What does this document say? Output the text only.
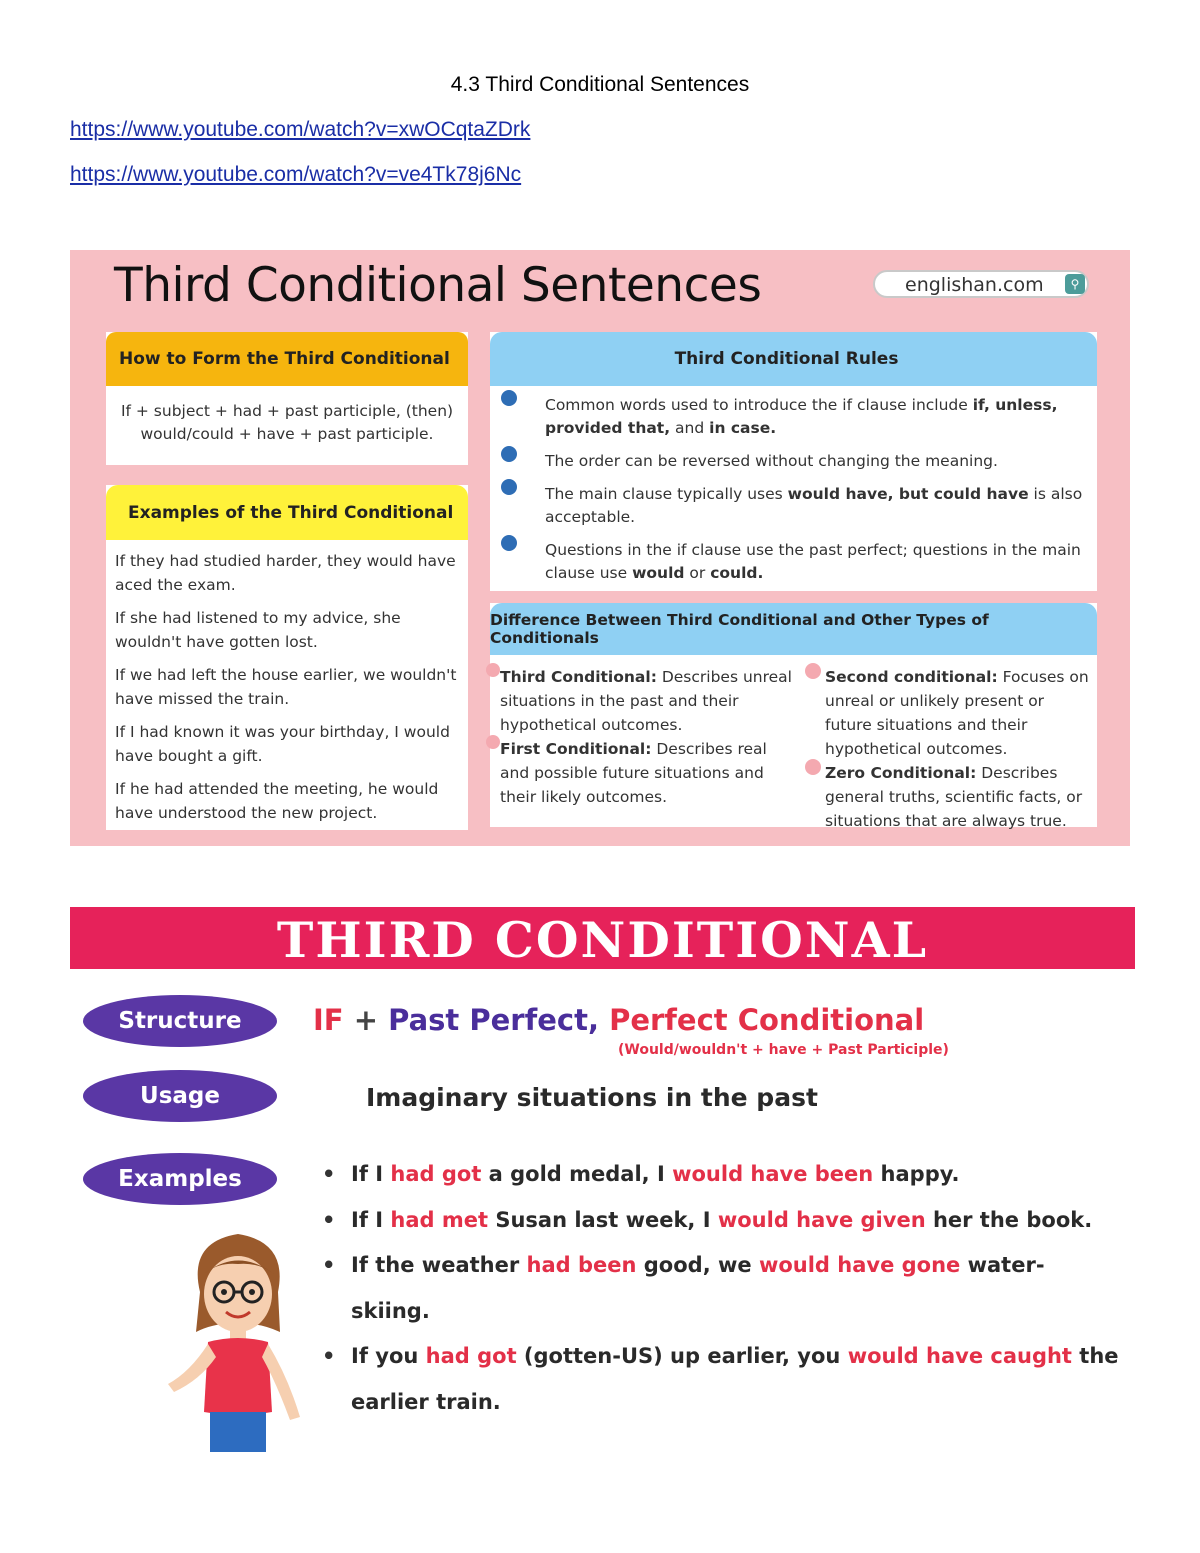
4.3 Third Conditional Sentences
https://www.youtube.com/watch?v=xwOCqtaZDrk
https://www.youtube.com/watch?v=ve4Tk78j6Nc
Third Conditional Sentences	englishan.com	⚲
How to Form the Third Conditional
If + subject + had + past participle, (then)
would/could + have + past participle.
Examples of the Third Conditional
If they had studied harder, they would have aced the exam.
If she had listened to my advice, she wouldn't have gotten lost.
If we had left the house earlier, we wouldn't have missed the train.
If I had known it was your birthday, I would have bought a gift.
If he had attended the meeting, he would have understood the new project.
Third Conditional Rules
Common words used to introduce the if clause include if, unless, provided that, and in case.
The order can be reversed without changing the meaning.
The main clause typically uses would have, but could have is also acceptable.
Questions in the if clause use the past perfect; questions in the main clause use would or could.
Difference Between Third Conditional and Other Types of Conditionals
Third Conditional: Describes unreal situations in the past and their hypothetical outcomes.
First Conditional: Describes real and possible future situations and their likely outcomes.
Second conditional: Focuses on unreal or unlikely present or future situations and their hypothetical outcomes.
Zero Conditional: Describes general truths, scientific facts, or situations that are always true.
THIRD CONDITIONAL
Structure
Usage
Examples
IF + Past Perfect, Perfect Conditional
(Would/wouldn't + have + Past Participle)
Imaginary situations in the past
• If I had got a gold medal, I would have been happy.
• If I had met Susan last week, I would have given her the book.
• If the weather had been good, we would have gone water-skiing.
• If you had got (gotten-US) up earlier, you would have caught the earlier train.
